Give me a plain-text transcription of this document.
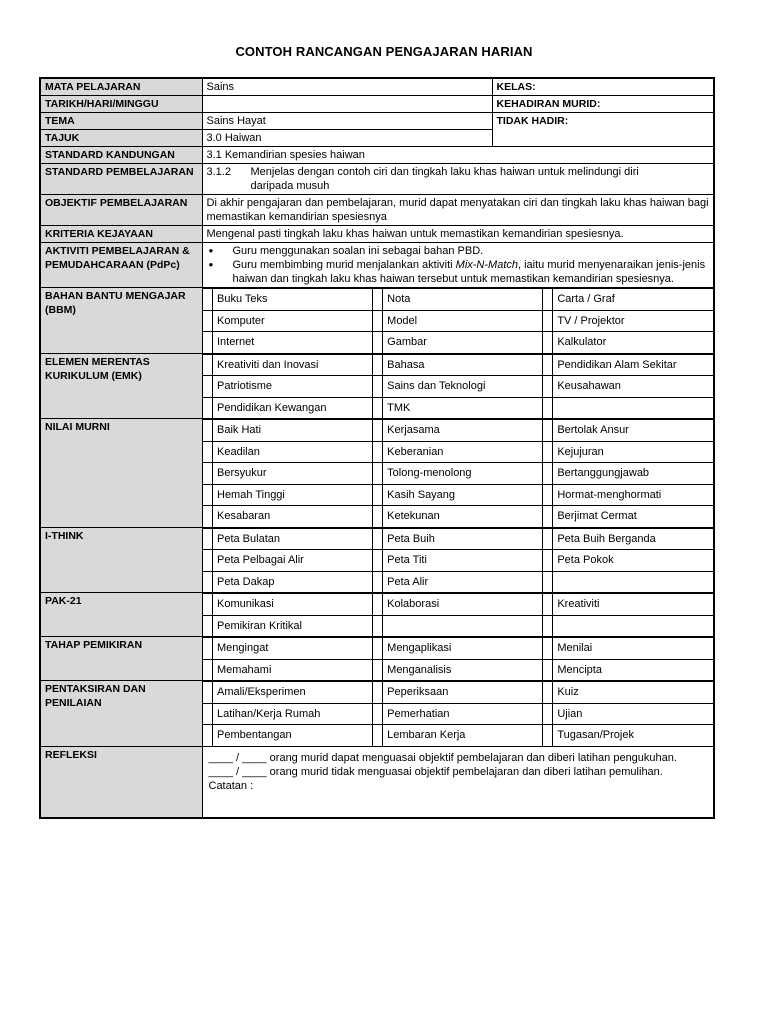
CONTOH RANCANGAN PENGAJARAN HARIAN
MATA PELAJARAN	Sains	KELAS:
TARIKH/HARI/MINGGU		KEHADIRAN MURID:
TEMA	Sains Hayat	TIDAK HADIR:
TAJUK	3.0 Haiwan
STANDARD KANDUNGAN	3.1 Kemandirian spesies haiwan
STANDARD PEMBELAJARAN	3.1.2	Menjelas dengan contoh ciri dan tingkah laku khas haiwan untuk melindungi diri
daripada musuh

OBJEKTIF PEMBELAJARAN	Di akhir pengajaran dan pembelajaran, murid dapat menyatakan ciri dan tingkah laku khas haiwan bagi memastikan kemandirian spesiesnya
KRITERIA KEJAYAAN	Mengenal pasti tingkah laku khas haiwan untuk memastikan kemandirian spesiesnya.
AKTIVITI PEMBELAJARAN & PEMUDAHCARAAN (PdPc)	
●	Guru menggunakan soalan ini sebagai bahan PBD.
●	Guru membimbing murid menjalankan aktiviti Mix-N-Match, iaitu murid menyenaraikan jenis-jenis haiwan dan tingkah laku khas haiwan tersebut untuk memastikan kemandirian spesiesnya.

BAHAN BANTU MENGAJAR (BBM)	
	Buku Teks		Nota		Carta / Graf
	Komputer		Model		TV / Projektor
	Internet		Gambar		Kalkulator

ELEMEN MERENTAS KURIKULUM (EMK)	
	Kreativiti dan Inovasi		Bahasa		Pendidikan Alam Sekitar
	Patriotisme		Sains dan Teknologi		Keusahawan
	Pendidikan Kewangan		TMK		

NILAI MURNI	
		Baik Hati		Kerjasama		Bertolak Ansur
	Keadilan		Keberanian		Kejujuran
	Bersyukur		Tolong-menolong		Bertanggungjawab
	Hemah Tinggi		Kasih Sayang		Hormat-menghormati
	Kesabaran		Ketekunan		Berjimat Cermat

I-THINK	
		Peta Bulatan		Peta Buih		Peta Buih Berganda
	Peta Pelbagai Alir		Peta Titi		Peta Pokok
	Peta Dakap		Peta Alir		

PAK-21	
		Komunikasi		Kolaborasi		Kreativiti
	Pemikiran Kritikal				

TAHAP PEMIKIRAN	
		Mengingat		Mengaplikasi		Menilai
	Memahami		Menganalisis		Mencipta

PENTAKSIRAN DAN PENILAIAN	
	Amali/Eksperimen		Peperiksaan		Kuiz
	Latihan/Kerja Rumah		Pemerhatian		Ujian
	Pembentangan		Lembaran Kerja		Tugasan/Projek

REFLEKSI	____ / ____ orang murid dapat menguasai objektif pembelajaran dan diberi latihan pengukuhan.
____ / ____ orang murid tidak menguasai objektif pembelajaran dan diberi latihan pemulihan.
Catatan :
